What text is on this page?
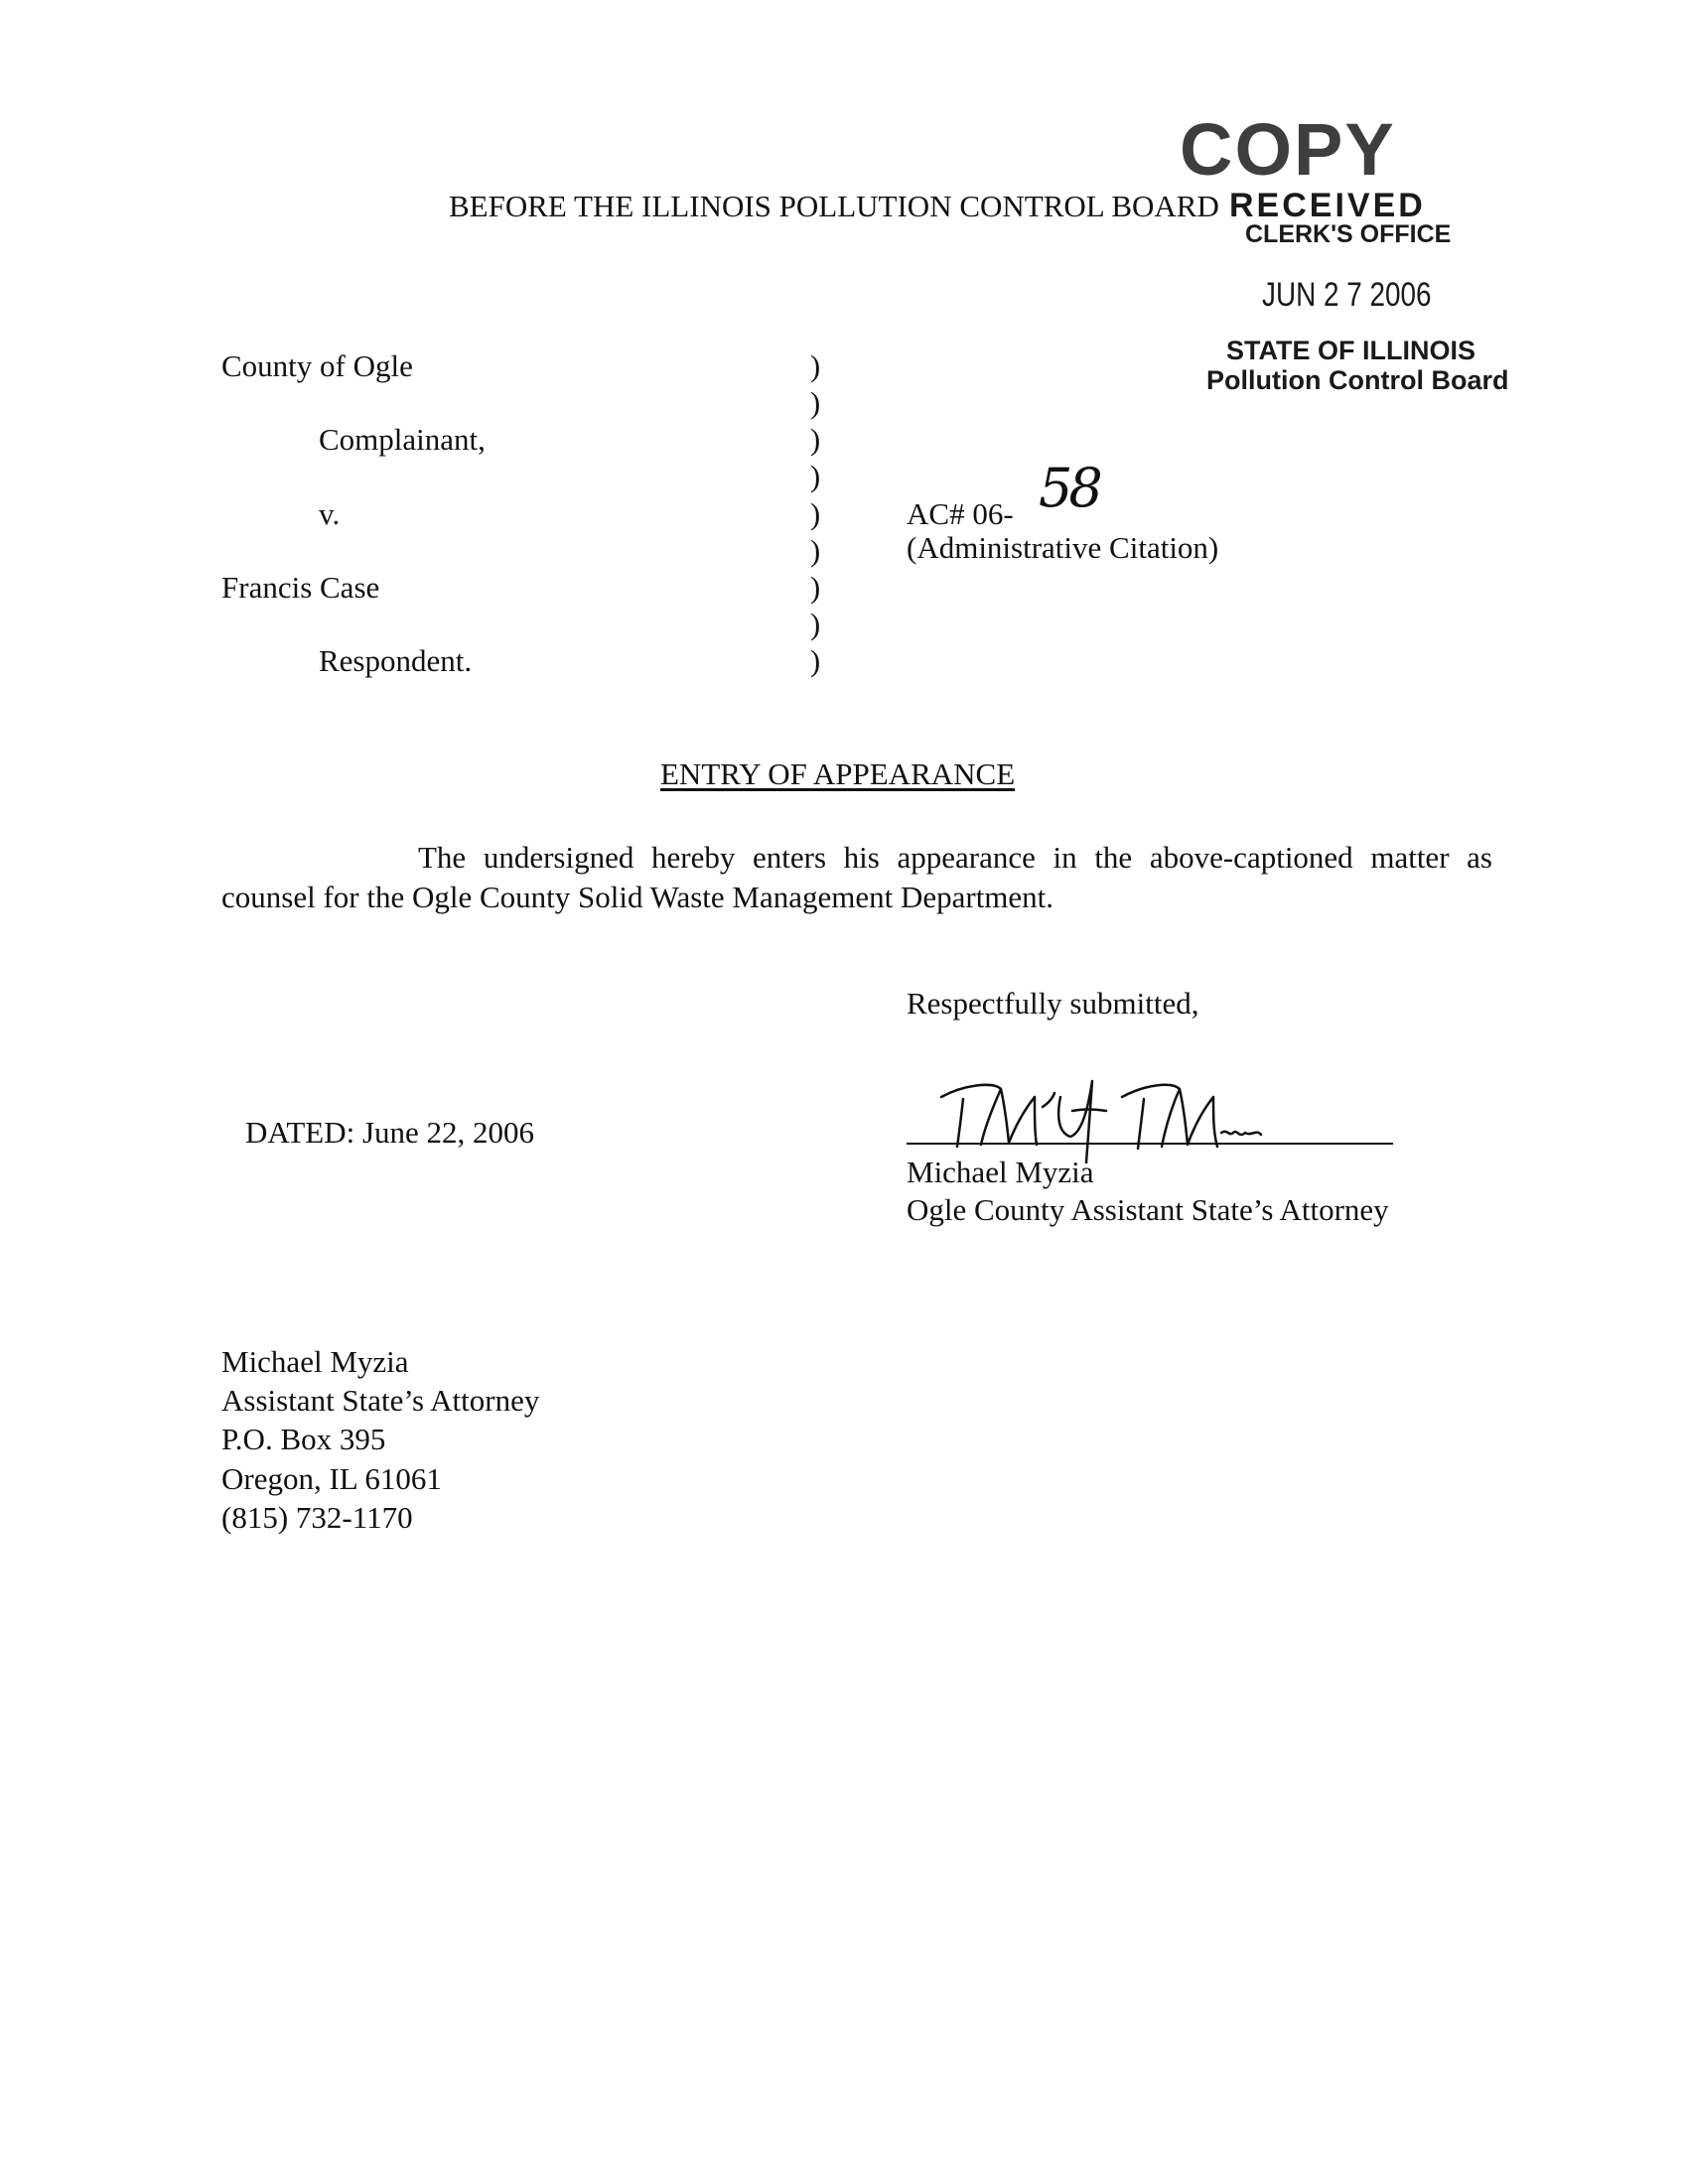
COPY
RECEIVED
CLERK'S OFFICE
JUN 2 7 2006
STATE OF ILLINOIS
Pollution Control Board
BEFORE THE ILLINOIS POLLUTION CONTROL BOARD
County of Ogle
Complainant,
v.
Francis Case
Respondent.
)
)
)
)
)
)
)
)
)
AC# 06- 58
(Administrative Citation)
ENTRY OF APPEARANCE
The undersigned hereby enters his appearance in the above-captioned matter as
counsel for the Ogle County Solid Waste Management Department.
Respectfully submitted,
DATED: June 22, 2006
Michael Myzia
Ogle County Assistant State’s Attorney
Michael Myzia
Assistant State’s Attorney
P.O. Box 395
Oregon, IL 61061
(815) 732-1170
